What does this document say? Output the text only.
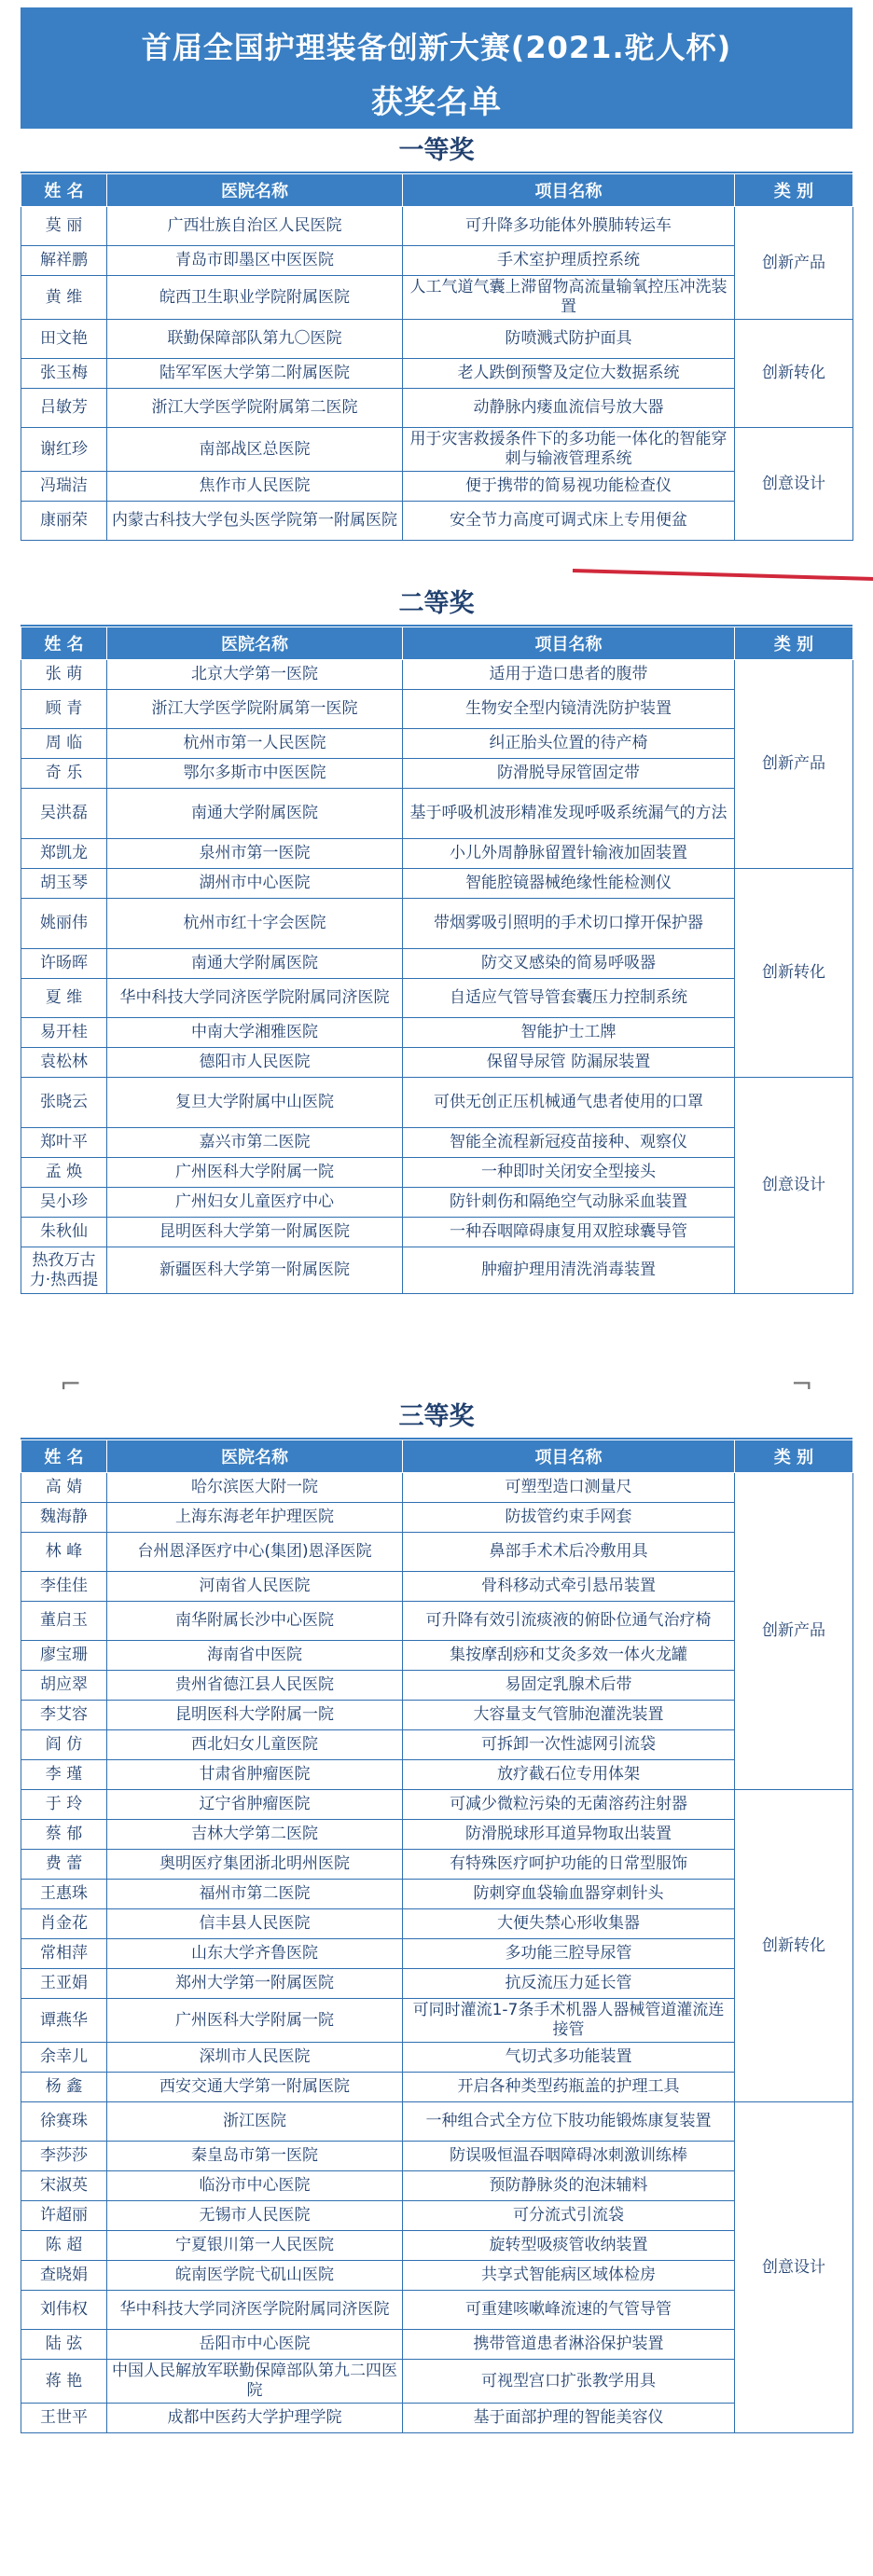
首届全国护理装备创新大赛(2021.驼人杯)
获奖名单
一等奖
姓 名	医院名称	项目名称	类 别
莫 丽	广西壮族自治区人民医院	可升降多功能体外膜肺转运车	创新产品
解祥鹏	青岛市即墨区中医医院	手术室护理质控系统	
黄 维	皖西卫生职业学院附属医院	人工气道气囊上滞留物高流量输氧控压冲洗装置	
田文艳	联勤保障部队第九〇医院	防喷溅式防护面具	创新转化
张玉梅	陆军军医大学第二附属医院	老人跌倒预警及定位大数据系统	
吕敏芳	浙江大学医学院附属第二医院	动静脉内瘘血流信号放大器	
谢红珍	南部战区总医院	用于灾害救援条件下的多功能一体化的智能穿刺与输液管理系统	创意设计
冯瑞洁	焦作市人民医院	便于携带的简易视功能检查仪	
康丽荣	内蒙古科技大学包头医学院第一附属医院	安全节力高度可调式床上专用便盆	
二等奖
姓 名	医院名称	项目名称	类 别
张 萌	北京大学第一医院	适用于造口患者的腹带	创新产品
顾 青	浙江大学医学院附属第一医院	生物安全型内镜清洗防护装置	
周 临	杭州市第一人民医院	纠正胎头位置的待产椅	
奇 乐	鄂尔多斯市中医医院	防滑脱导尿管固定带	
吴洪磊	南通大学附属医院	基于呼吸机波形精准发现呼吸系统漏气的方法	
郑凯龙	泉州市第一医院	小儿外周静脉留置针输液加固装置	
胡玉琴	湖州市中心医院	智能腔镜器械绝缘性能检测仪	创新转化
姚丽伟	杭州市红十字会医院	带烟雾吸引照明的手术切口撑开保护器	
许旸晖	南通大学附属医院	防交叉感染的简易呼吸器	
夏 维	华中科技大学同济医学院附属同济医院	自适应气管导管套囊压力控制系统	
易开桂	中南大学湘雅医院	智能护士工牌	
袁松林	德阳市人民医院	保留导尿管 防漏尿装置	
张晓云	复旦大学附属中山医院	可供无创正压机械通气患者使用的口罩	创意设计
郑叶平	嘉兴市第二医院	智能全流程新冠疫苗接种、观察仪	
孟 焕	广州医科大学附属一院	一种即时关闭安全型接头	
吴小珍	广州妇女儿童医疗中心	防针刺伤和隔绝空气动脉采血装置	
朱秋仙	昆明医科大学第一附属医院	一种吞咽障碍康复用双腔球囊导管	
热孜万古力·热西提	新疆医科大学第一附属医院	肿瘤护理用清洗消毒装置	
⌐	¬
三等奖
姓 名	医院名称	项目名称	类 别
高 婧	哈尔滨医大附一院	可塑型造口测量尺	创新产品
魏海静	上海东海老年护理医院	防拔管约束手网套	
林 峰	台州恩泽医疗中心(集团)恩泽医院	鼻部手术术后冷敷用具	
李佳佳	河南省人民医院	骨科移动式牵引悬吊装置	
董启玉	南华附属长沙中心医院	可升降有效引流痰液的俯卧位通气治疗椅	
廖宝珊	海南省中医院	集按摩刮痧和艾灸多效一体火龙罐	
胡应翠	贵州省德江县人民医院	易固定乳腺术后带	
李艾容	昆明医科大学附属一院	大容量支气管肺泡灌洗装置	
阎 仿	西北妇女儿童医院	可拆卸一次性滤网引流袋	
李 瑾	甘肃省肿瘤医院	放疗截石位专用体架	
于 玲	辽宁省肿瘤医院	可减少微粒污染的无菌溶药注射器	创新转化
蔡 郁	吉林大学第二医院	防滑脱球形耳道异物取出装置	
费 蕾	奥明医疗集团浙北明州医院	有特殊医疗呵护功能的日常型服饰	
王惠珠	福州市第二医院	防刺穿血袋输血器穿刺针头	
肖金花	信丰县人民医院	大便失禁心形收集器	
常相萍	山东大学齐鲁医院	多功能三腔导尿管	
王亚娟	郑州大学第一附属医院	抗反流压力延长管	
谭燕华	广州医科大学附属一院	可同时灌流1-7条手术机器人器械管道灌流连接管	
余幸儿	深圳市人民医院	气切式多功能装置	
杨 鑫	西安交通大学第一附属医院	开启各种类型药瓶盖的护理工具	
徐赛珠	浙江医院	一种组合式全方位下肢功能锻炼康复装置	创意设计
李莎莎	秦皇岛市第一医院	防误吸恒温吞咽障碍冰刺激训练棒	
宋淑英	临汾市中心医院	预防静脉炎的泡沫辅料	
许超丽	无锡市人民医院	可分流式引流袋	
陈 超	宁夏银川第一人民医院	旋转型吸痰管收纳装置	
查晓娟	皖南医学院弋矶山医院	共享式智能病区域体检房	
刘伟权	华中科技大学同济医学院附属同济医院	可重建咳嗽峰流速的气管导管	
陆 弦	岳阳市中心医院	携带管道患者淋浴保护装置	
蒋 艳	中国人民解放军联勤保障部队第九二四医院	可视型宫口扩张教学用具	
王世平	成都中医药大学护理学院	基于面部护理的智能美容仪	
